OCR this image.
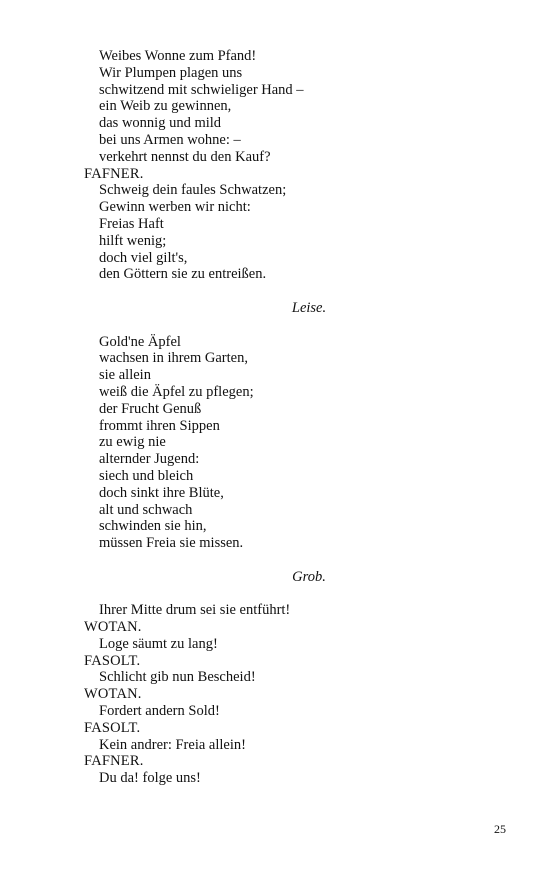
Weibes Wonne zum Pfand!
Wir Plumpen plagen uns
schwitzend mit schwieliger Hand –
ein Weib zu gewinnen,
das wonnig und mild
bei uns Armen wohne: –
verkehrt nennst du den Kauf?
FAFNER.
Schweig dein faules Schwatzen;
Gewinn werben wir nicht:
Freias Haft
hilft wenig;
doch viel gilt's,
den Göttern sie zu entreißen.
Leise.
Gold'ne Äpfel
wachsen in ihrem Garten,
sie allein
weiß die Äpfel zu pflegen;
der Frucht Genuß
frommt ihren Sippen
zu ewig nie
alternder Jugend:
siech und bleich
doch sinkt ihre Blüte,
alt und schwach
schwinden sie hin,
müssen Freia sie missen.
Grob.
Ihrer Mitte drum sei sie entführt!
WOTAN.
Loge säumt zu lang!
FASOLT.
Schlicht gib nun Bescheid!
WOTAN.
Fordert andern Sold!
FASOLT.
Kein andrer: Freia allein!
FAFNER.
Du da! folge uns!
25
